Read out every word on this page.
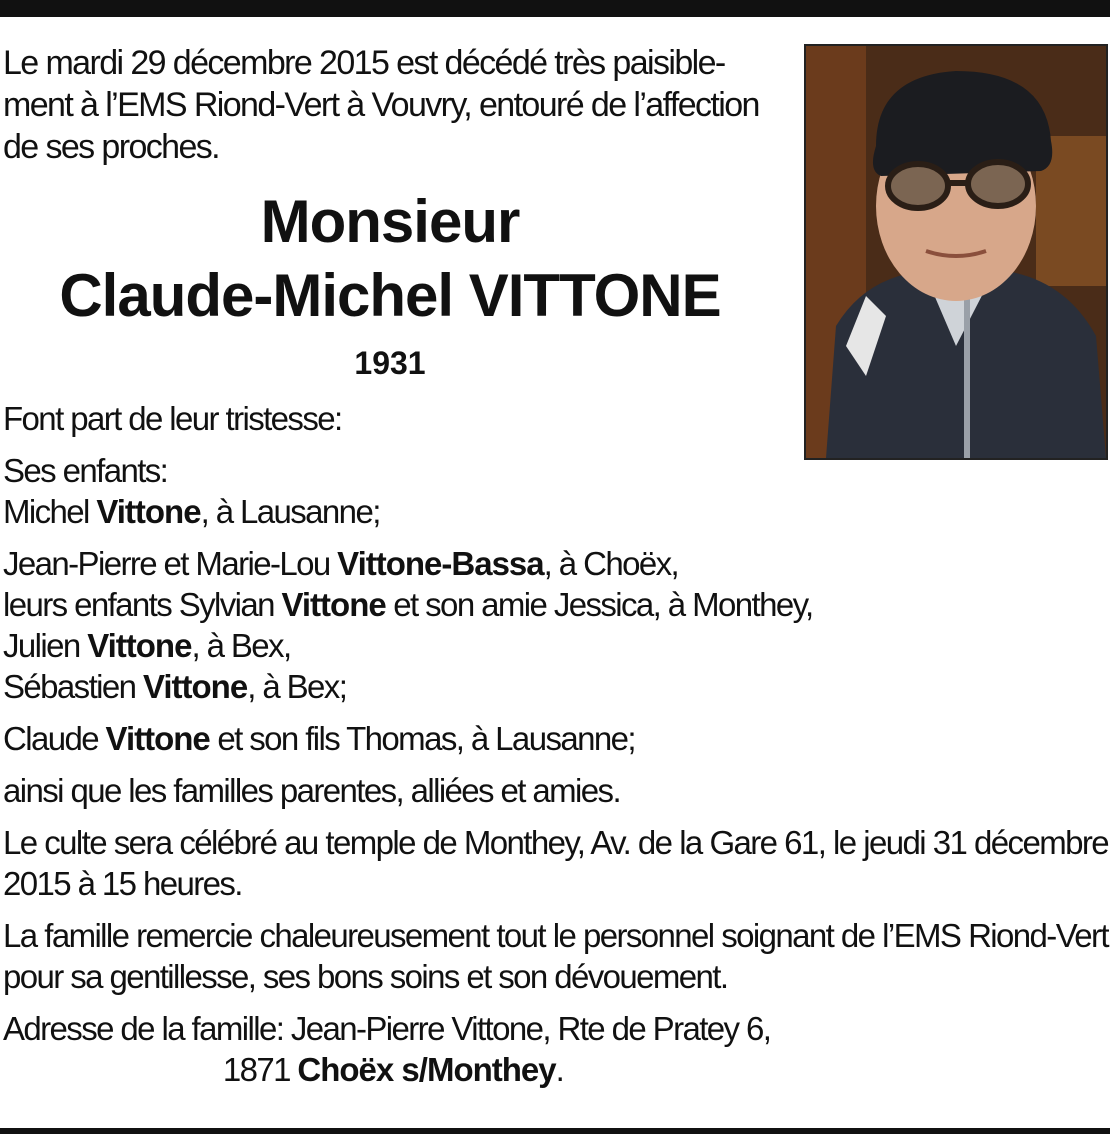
Le mardi 29 décembre 2015 est décédé très paisible-
ment à l’EMS Riond-Vert à Vouvry, entouré de l’affection
de ses proches.
Monsieur
Claude-Michel VITTONE
1931

Font part de leur tristesse:

Ses enfants:
Michel Vittone, à Lausanne;

Jean-Pierre et Marie-Lou Vittone-Bassa, à Choëx,
leurs enfants Sylvian Vittone et son amie Jessica, à Monthey,
Julien Vittone, à Bex,
Sébastien Vittone, à Bex;

Claude Vittone et son fils Thomas, à Lausanne;

ainsi que les familles parentes, alliées et amies.

Le culte sera célébré au temple de Monthey, Av. de la Gare 61, le jeudi 31 décembre 2015 à 15 heures.

La famille remercie chaleureusement tout le personnel soignant de l’EMS Riond-Vert pour sa gentillesse, ses bons soins et son dévouement.

Adresse de la famille: Jean-Pierre Vittone, Rte de Pratey 6,

1871 Choëx s/Monthey.
